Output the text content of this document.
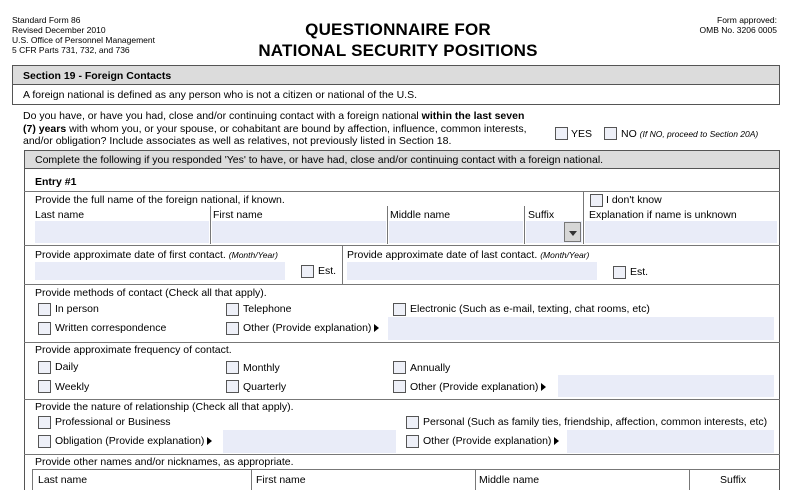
Standard Form 86
Revised December 2010
U.S. Office of Personnel Management
5 CFR Parts 731, 732, and 736
QUESTIONNAIRE FOR
NATIONAL SECURITY POSITIONS
Form approved:
OMB No. 3206 0005
Section 19 - Foreign Contacts
A foreign national is defined as any person who is not a citizen or national of the U.S.
Do you have, or have you had, close and/or continuing contact with a foreign national within the last seven
(7) years with whom you, or your spouse, or cohabitant are bound by affection, influence, common interests,
and/or obligation? Include associates as well as relatives, not previously listed in Section 18.
YES	NO (If NO, proceed to Section 20A)
Complete the following if you responded 'Yes' to have, or have had, close and/or continuing contact with a foreign national.
Entry #1
Provide the full name of the foreign national, if known.	I don't know
Last name	First name	Middle name	Suffix	Explanation if name is unknown
Provide approximate date of first contact. (Month/Year)
Est.
Provide approximate date of last contact. (Month/Year)
Est.
Provide methods of contact (Check all that apply).
In person	Telephone	Electronic (Such as e-mail, texting, chat rooms, etc)
Written correspondence	Other (Provide explanation)
Provide approximate frequency of contact.
Daily	Monthly	Annually
Weekly	Quarterly	Other (Provide explanation)
Provide the nature of relationship (Check all that apply).
Professional or Business	Personal (Such as family ties, friendship, affection, common interests, etc)
Obligation (Provide explanation)	Other (Provide explanation)
Provide other names and/or nicknames, as appropriate.
Last name	First name	Middle name	Suffix
